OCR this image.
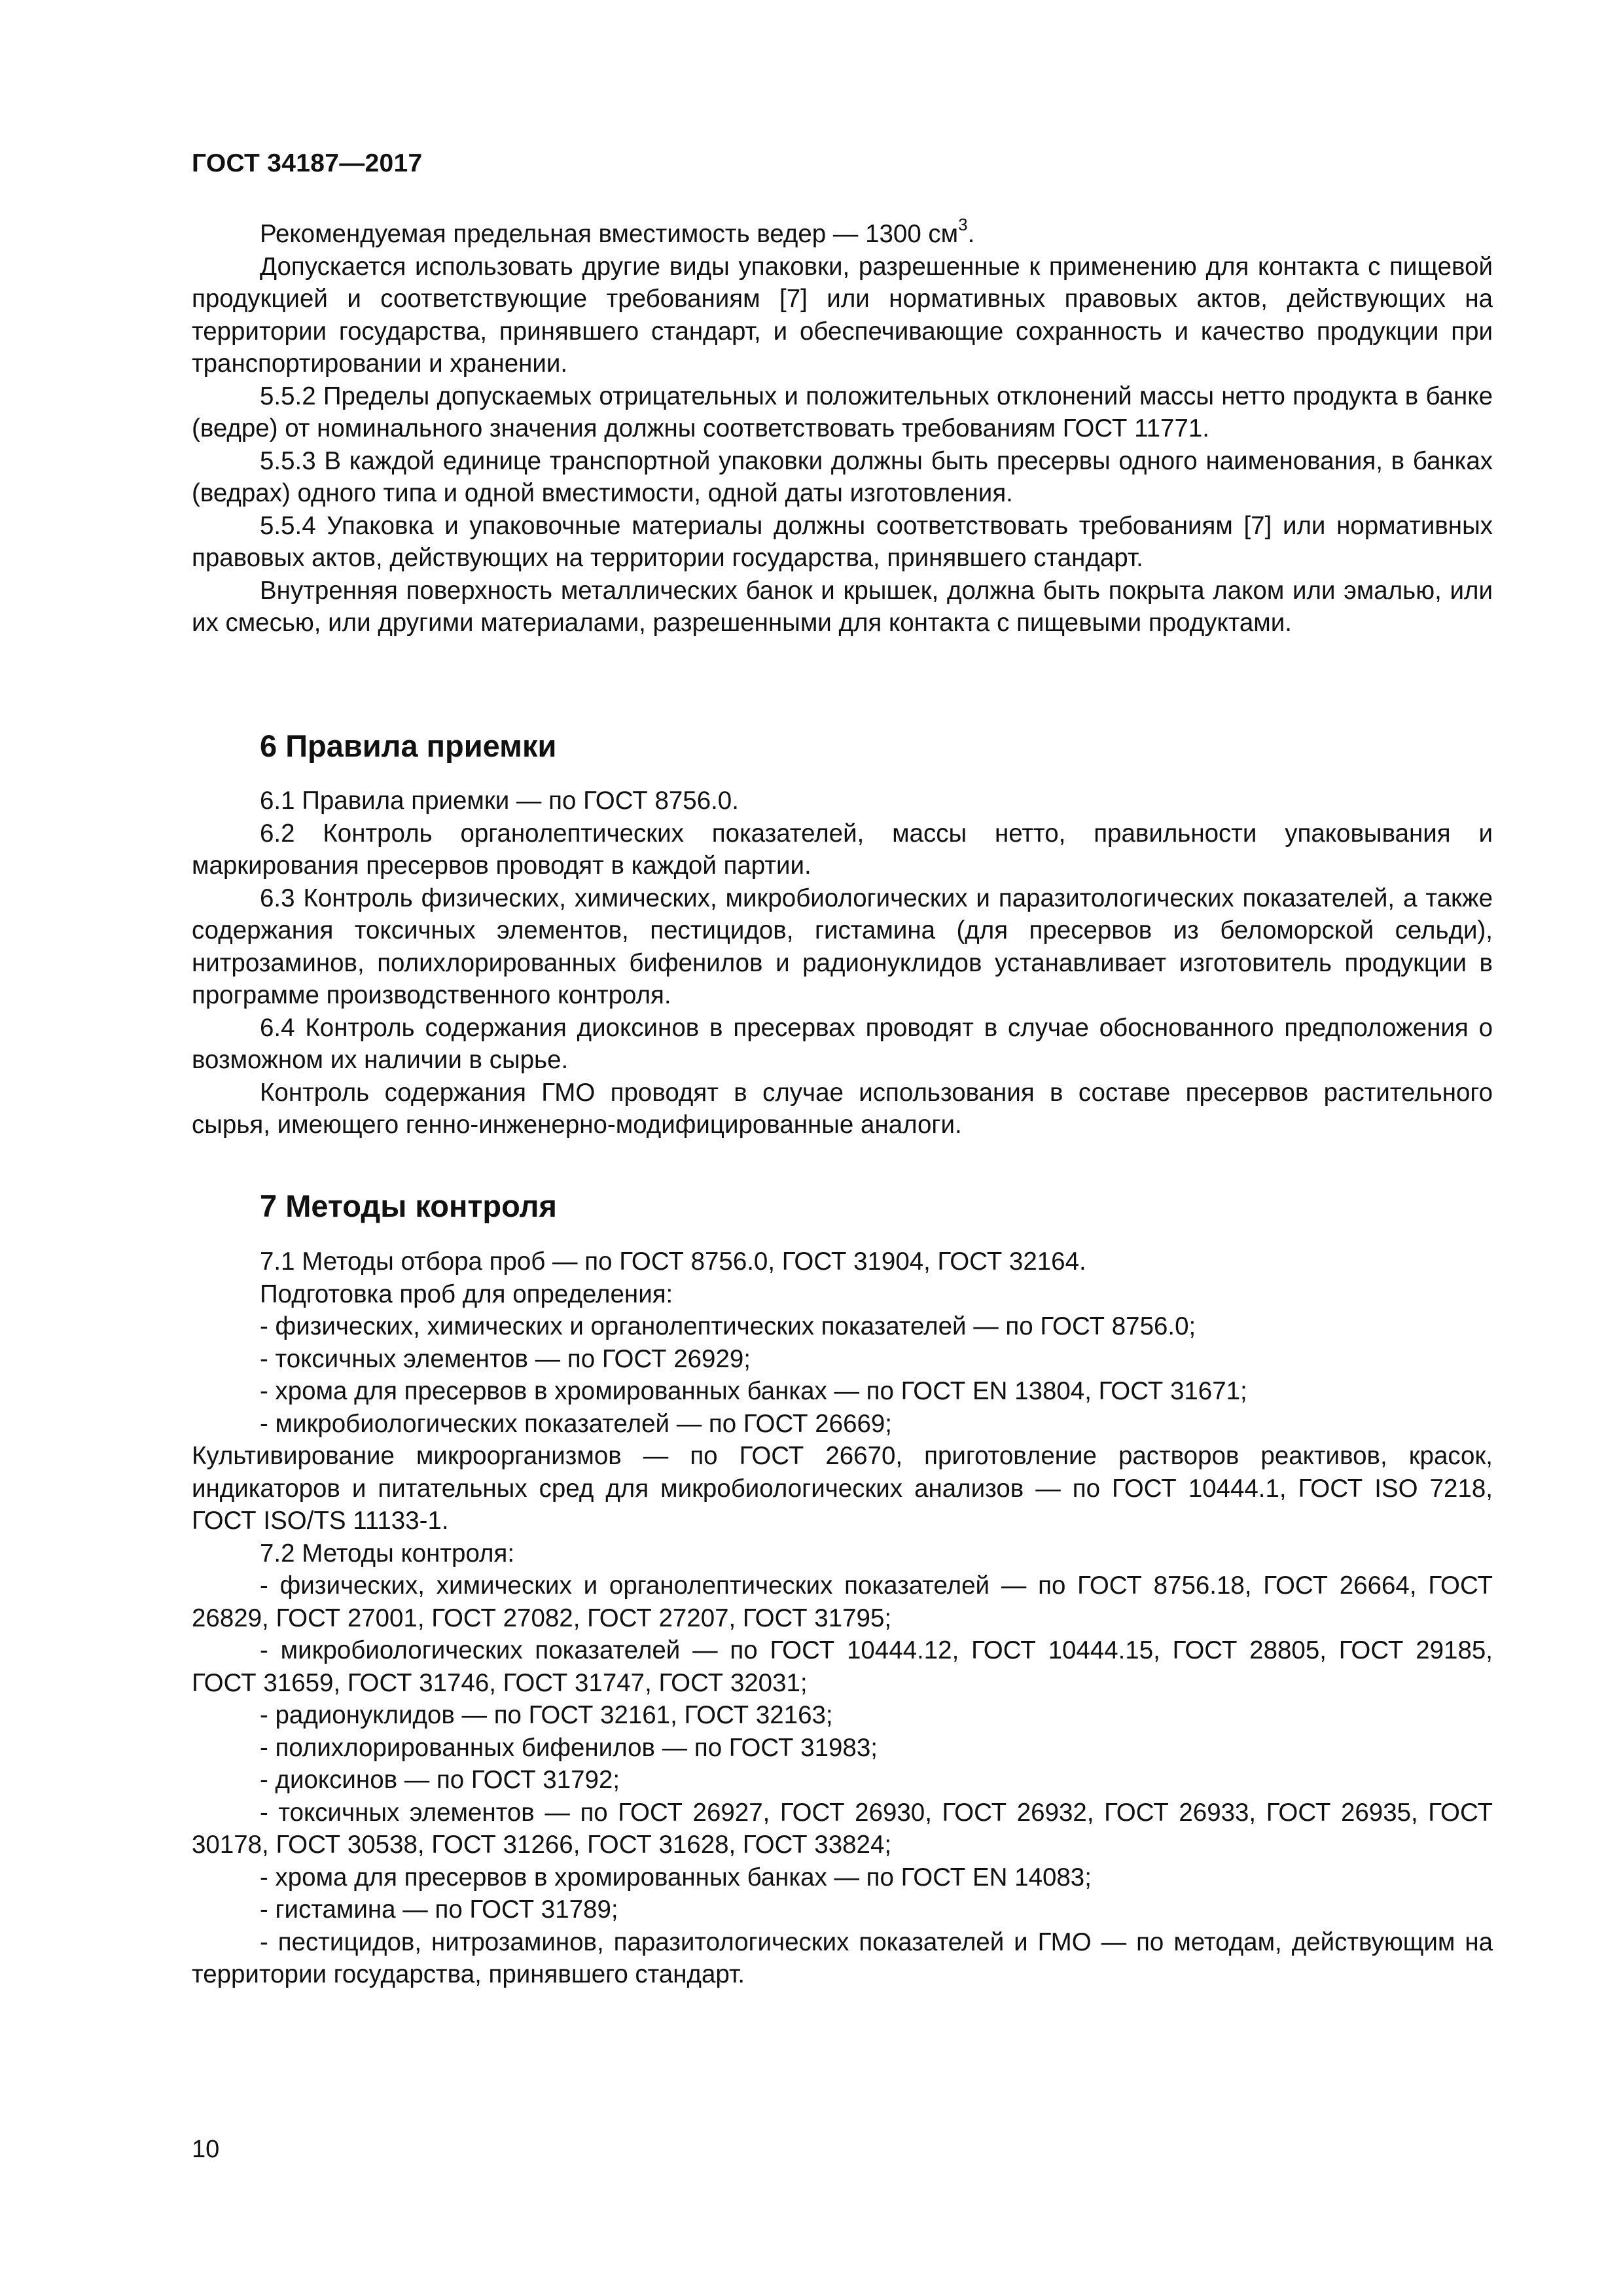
ГОСТ 34187—2017

Рекомендуемая предельная вместимость ведер — 1300 $см^3$.

Допускается использовать другие виды упаковки, разрешенные к применению для контакта с пищевой продукцией и соответствующие требованиям [7] или нормативных правовых актов, действующих на территории государства, принявшего стандарт, и обеспечивающие сохранность и качество продукции при транспортировании и хранении.

5.5.2 Пределы допускаемых отрицательных и положительных отклонений массы нетто продукта в банке (ведре) от номинального значения должны соответствовать требованиям ГОСТ 11771.

5.5.3 В каждой единице транспортной упаковки должны быть пресервы одного наименования, в банках (ведрах) одного типа и одной вместимости, одной даты изготовления.

5.5.4 Упаковка и упаковочные материалы должны соответствовать требованиям [7] или нормативных правовых актов, действующих на территории государства, принявшего стандарт.

Внутренняя поверхность металлических банок и крышек, должна быть покрыта лаком или эмалью, или их смесью, или другими материалами, разрешенными для контакта с пищевыми продуктами.

6 Правила приемки

6.1 Правила приемки — по ГОСТ 8756.0.

6.2 Контроль органолептических показателей, массы нетто, правильности упаковывания и маркирования пресервов проводят в каждой партии.

6.3 Контроль физических, химических, микробиологических и паразитологических показателей, а также содержания токсичных элементов, пестицидов, гистамина (для пресервов из беломорской сельди), нитрозаминов, полихлорированных бифенилов и радионуклидов устанавливает изготовитель продукции в программе производственного контроля.

6.4 Контроль содержания диоксинов в пресервах проводят в случае обоснованного предположения о возможном их наличии в сырье.

Контроль содержания ГМО проводят в случае использования в составе пресервов растительного сырья, имеющего генно-инженерно-модифицированные аналоги.

7 Методы контроля

7.1 Методы отбора проб — по ГОСТ 8756.0, ГОСТ 31904, ГОСТ 32164.

Подготовка проб для определения:

- физических, химических и органолептических показателей — по ГОСТ 8756.0;

- токсичных элементов — по ГОСТ 26929;

- хрома для пресервов в хромированных банках — по ГОСТ EN 13804, ГОСТ 31671;

- микробиологических показателей — по ГОСТ 26669;

Культивирование микроорганизмов — по ГОСТ 26670, приготовление растворов реактивов, красок, индикаторов и питательных сред для микробиологических анализов — по ГОСТ 10444.1, ГОСТ ISO 7218, ГОСТ ISO/TS 11133-1.

7.2 Методы контроля:

- физических, химических и органолептических показателей — по ГОСТ 8756.18, ГОСТ 26664, ГОСТ 26829, ГОСТ 27001, ГОСТ 27082, ГОСТ 27207, ГОСТ 31795;

- микробиологических показателей — по ГОСТ 10444.12, ГОСТ 10444.15, ГОСТ 28805, ГОСТ 29185, ГОСТ 31659, ГОСТ 31746, ГОСТ 31747, ГОСТ 32031;

- радионуклидов — по ГОСТ 32161, ГОСТ 32163;

- полихлорированных бифенилов — по ГОСТ 31983;

- диоксинов — по ГОСТ 31792;

- токсичных элементов — по ГОСТ 26927, ГОСТ 26930, ГОСТ 26932, ГОСТ 26933, ГОСТ 26935, ГОСТ 30178, ГОСТ 30538, ГОСТ 31266, ГОСТ 31628, ГОСТ 33824;

- хрома для пресервов в хромированных банках — по ГОСТ EN 14083;

- гистамина — по ГОСТ 31789;

- пестицидов, нитрозаминов, паразитологических показателей и ГМО — по методам, действующим на территории государства, принявшего стандарт.

10
